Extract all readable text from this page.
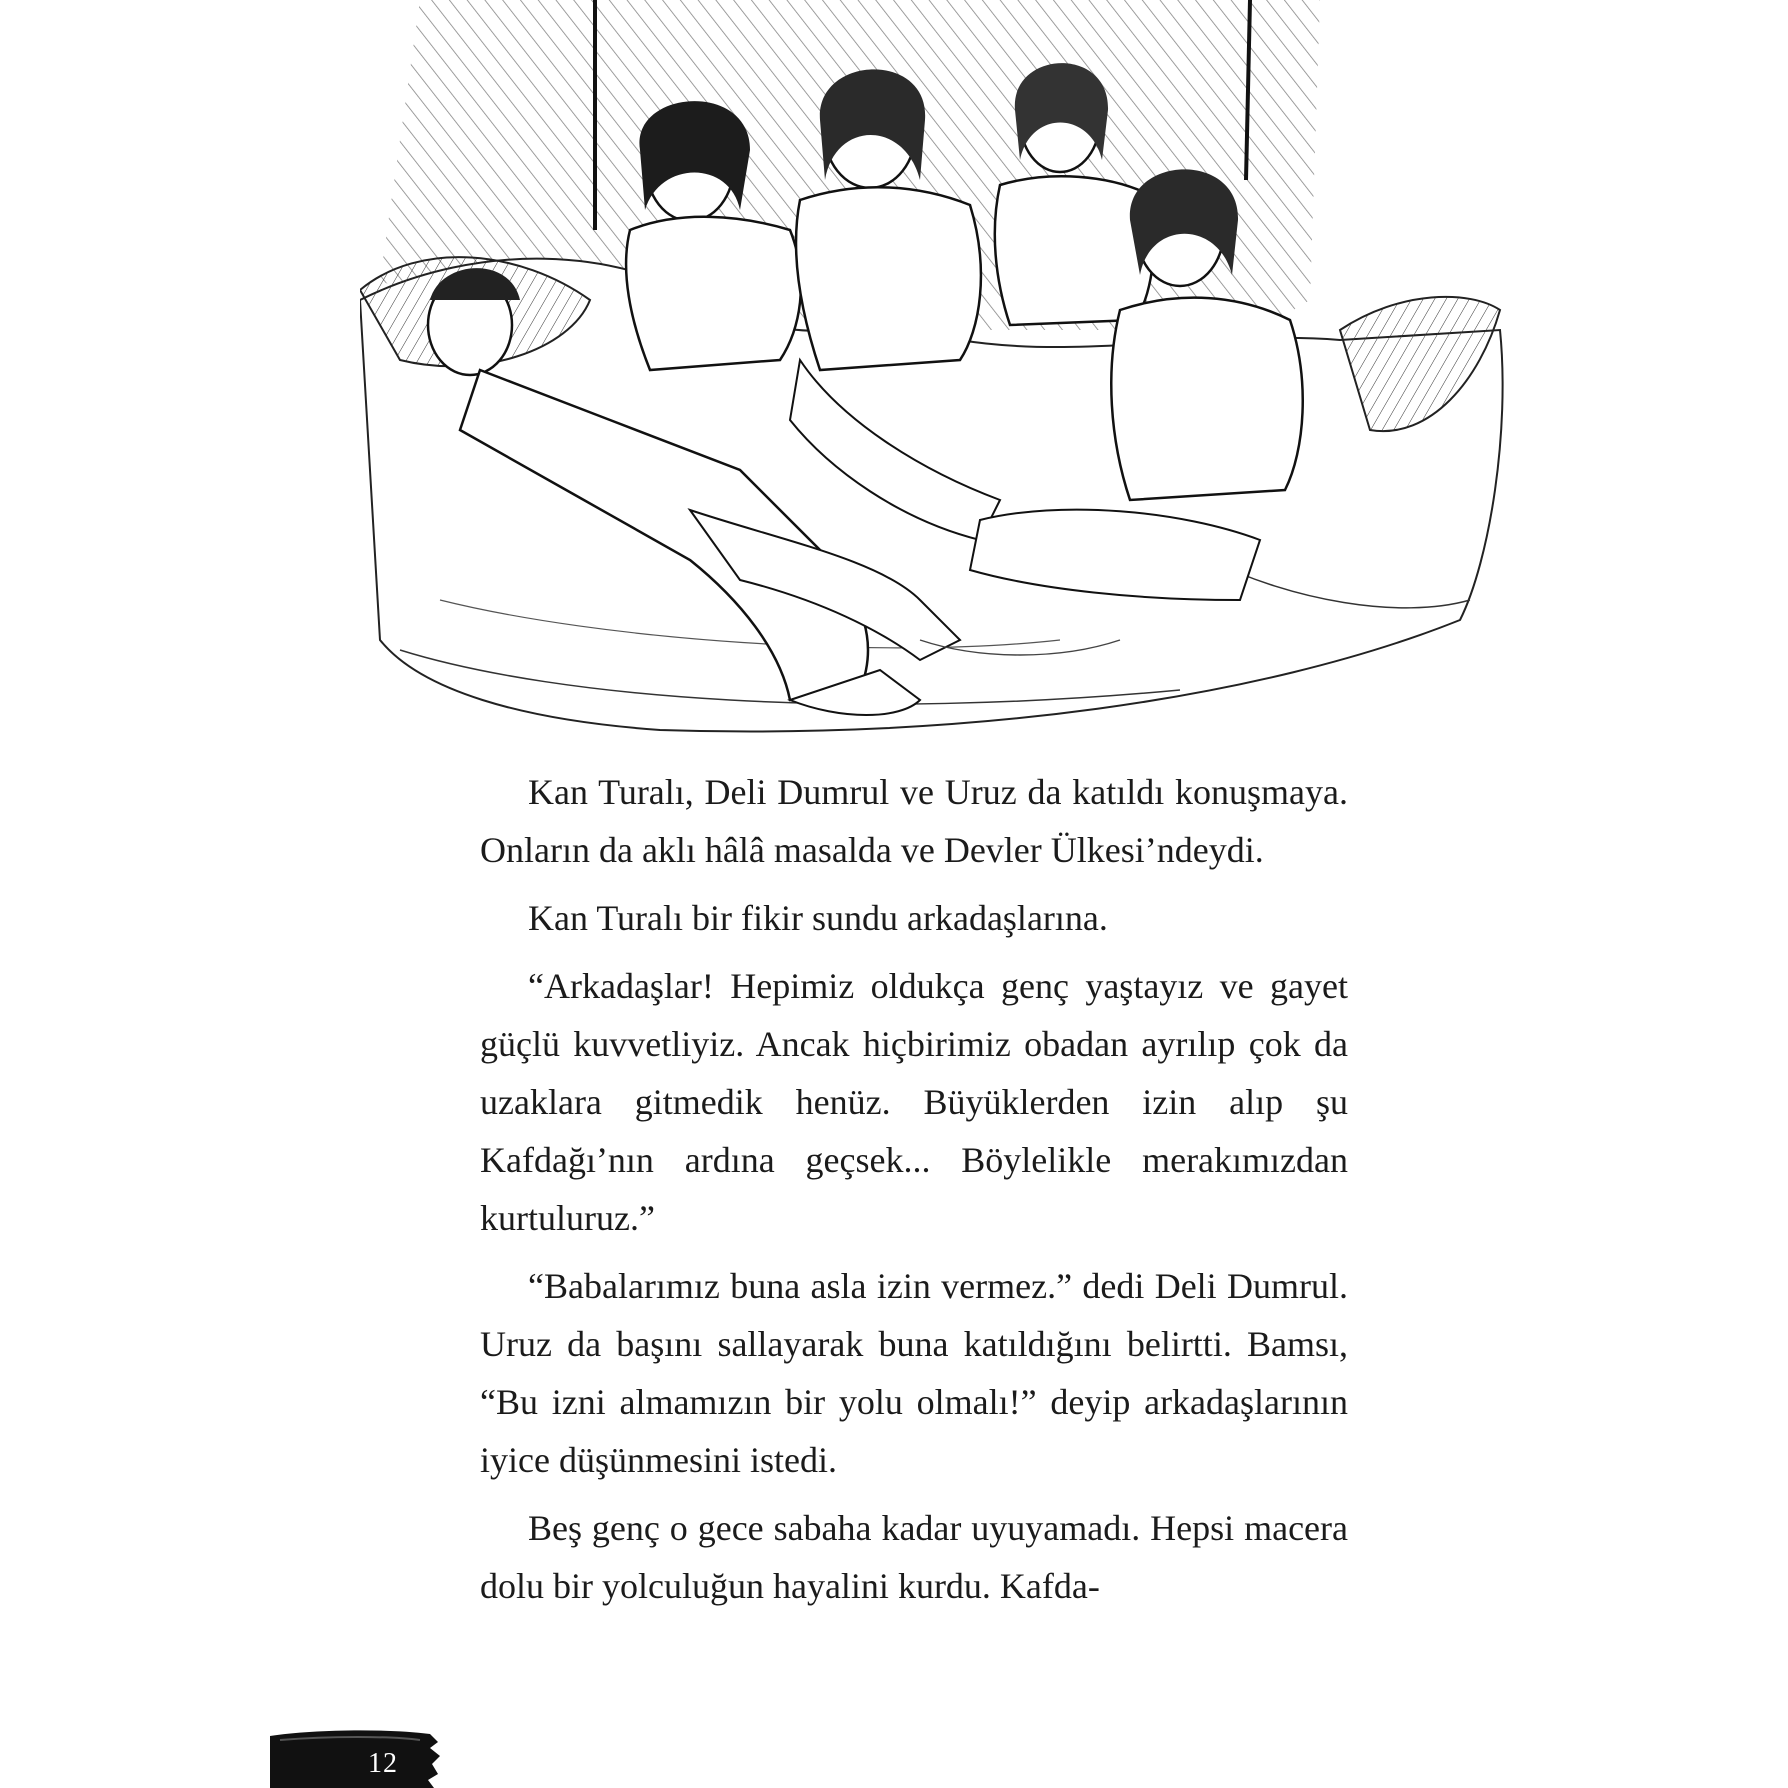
Kan Turalı, Deli Dumrul ve Uruz da katıldı konuşmaya. Onların da aklı hâlâ masalda ve Devler Ülkesi’ndeydi.

Kan Turalı bir fikir sundu arkadaşlarına.

“Arkadaşlar! Hepimiz oldukça genç yaştayız ve gayet güçlü kuvvetliyiz. Ancak hiçbirimiz obadan ayrılıp çok da uzaklara gitmedik henüz. Büyüklerden izin alıp şu Kafdağı’nın ardına geçsek... Böylelikle merakımızdan kurtuluruz.”

“Babalarımız buna asla izin vermez.” dedi Deli Dumrul. Uruz da başını sallayarak buna katıldığını belirtti. Bamsı, “Bu izni almamızın bir yolu olmalı!” deyip arkadaşlarının iyice düşünmesini istedi.

Beş genç o gece sabaha kadar uyuyamadı. Hepsi macera dolu bir yolculuğun hayalini kurdu. Kafda-

12
